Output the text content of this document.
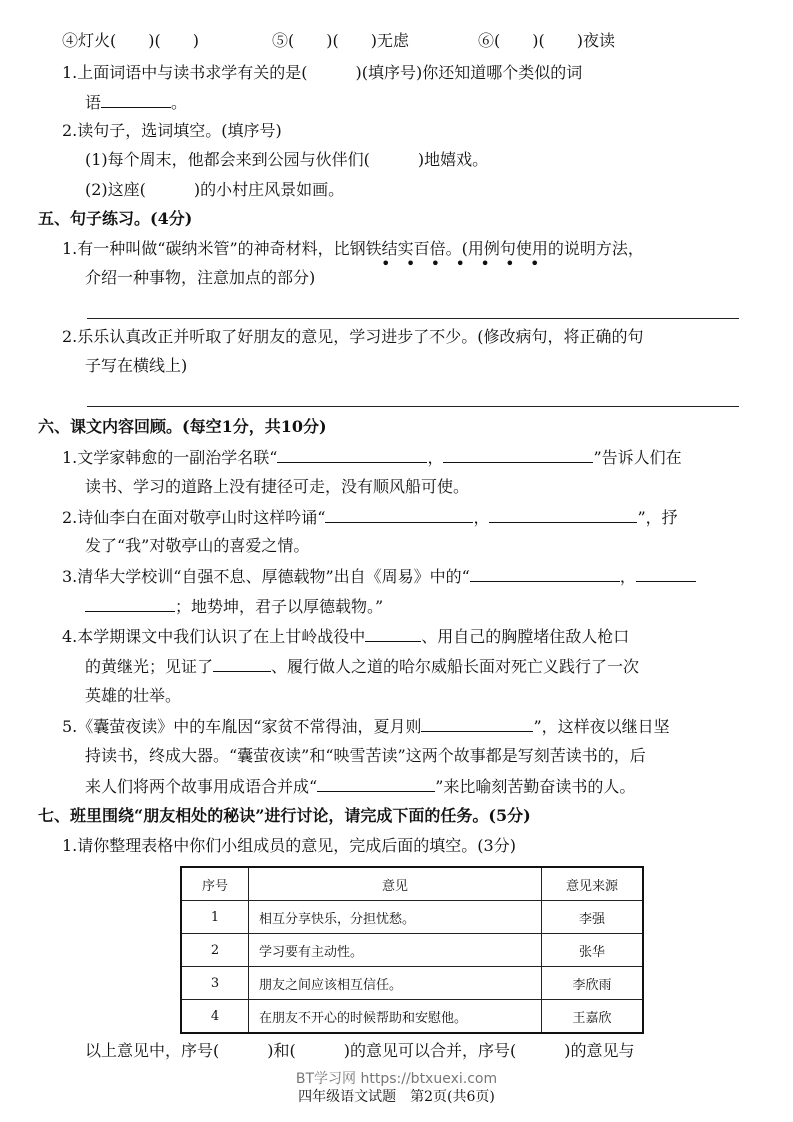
④灯火(　　)(　　)	⑤(　　)(　　)无虑	⑥(　　)(　　)夜读
1.上面词语中与读书求学有关的是(　　　)(填序号)你还知道哪个类似的词
语	。
2.读句子，选词填空。(填序号)
(1)每个周末，他都会来到公园与伙伴们(　　　)地嬉戏。
(2)这座(　　　)的小村庄风景如画。
五、句子练习。(4分)
1.有一种叫做“碳纳米管”的神奇材料，比钢铁结实百倍。(用例句使用的说明方法，
•••••••
介绍一种事物，注意加点的部分)
2.乐乐认真改正并听取了好朋友的意见，学习进步了不少。(修改病句，将正确的句
子写在横线上)
六、课文内容回顾。(每空1分，共10分)
1.文学家韩愈的一副治学名联“	，	”告诉人们在
读书、学习的道路上没有捷径可走，没有顺风船可使。
2.诗仙李白在面对敬亭山时这样吟诵“	，	”，抒
发了“我”对敬亭山的喜爱之情。
3.清华大学校训“自强不息、厚德载物”出自《周易》中的“	，
；地势坤，君子以厚德载物。”
4.本学期课文中我们认识了在上甘岭战役中	、用自己的胸膛堵住敌人枪口
的黄继光；见证了	、履行做人之道的哈尔威船长面对死亡义践行了一次
英雄的壮举。
5.《囊萤夜读》中的车胤因“家贫不常得油，夏月则	”，这样夜以继日坚
持读书，终成大器。“囊萤夜读”和“映雪苦读”这两个故事都是写刻苦读书的，后
来人们将两个故事用成语合并成“	”来比喻刻苦勤奋读书的人。
七、班里围绕“朋友相处的秘诀”进行讨论，请完成下面的任务。(5分)
1.请你整理表格中你们小组成员的意见，完成后面的填空。(3分)
序号	意见	意见来源
1	相互分享快乐，分担忧愁。	李强
2	学习要有主动性。	张华
3	朋友之间应该相互信任。	李欣雨
4	在朋友不开心的时候帮助和安慰他。	王嘉欣
以上意见中，序号(　　　)和(　　　)的意见可以合并，序号(　　　)的意见与
BT学习网 https://btxuexi.com
四年级语文试题　第2页(共6页)
